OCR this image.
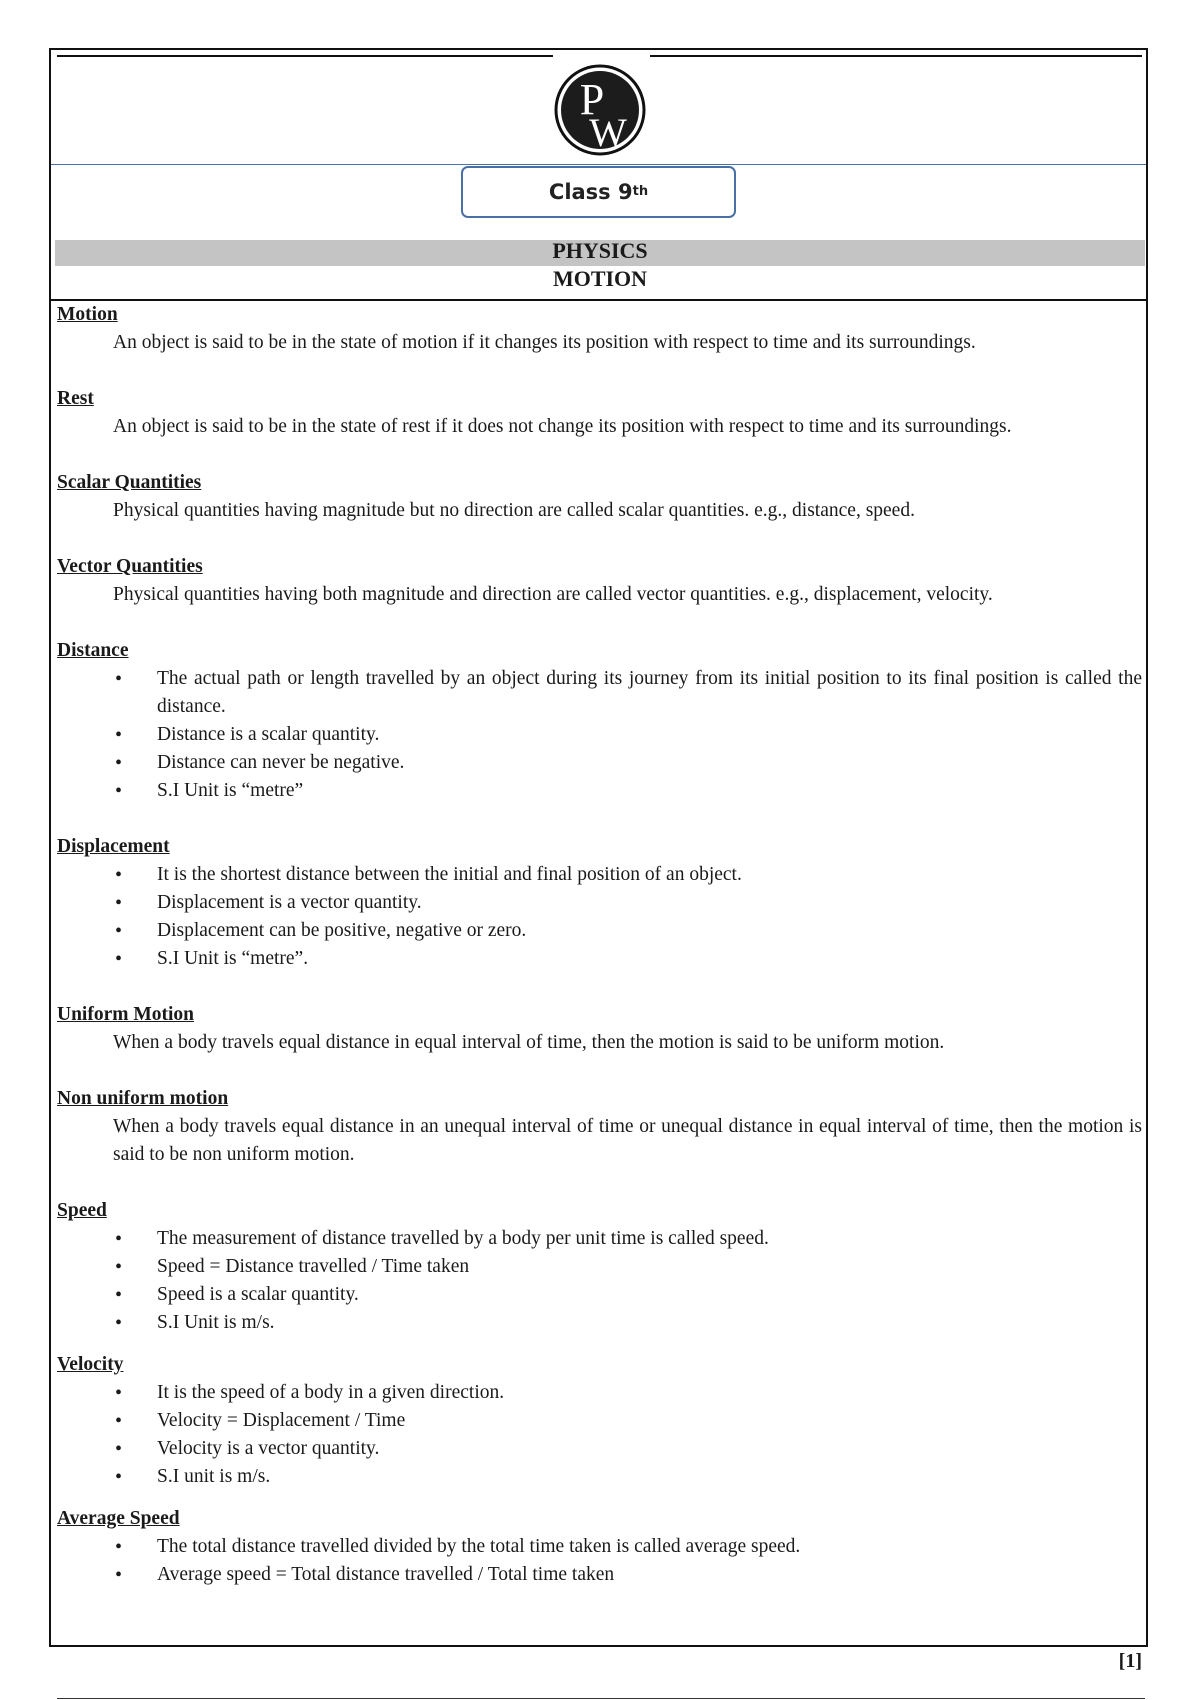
P
W
Class 9 th
PHYSICS
MOTION
Motion
An object is said to be in the state of motion if it changes its position with respect to time and its surroundings.
Rest
An object is said to be in the state of rest if it does not change its position with respect to time and its surroundings.
Scalar Quantities
Physical quantities having magnitude but no direction are called scalar quantities. e.g., distance, speed.
Vector Quantities
Physical quantities having both magnitude and direction are called vector quantities. e.g., displacement, velocity.
Distance
• The actual path or length travelled by an object during its journey from its initial position to its final position is called the distance.
• Distance is a scalar quantity.
• Distance can never be negative.
• S.I Unit is “metre”
Displacement
• It is the shortest distance between the initial and final position of an object.
• Displacement is a vector quantity.
• Displacement can be positive, negative or zero.
• S.I Unit is “metre”.
Uniform Motion
When a body travels equal distance in equal interval of time, then the motion is said to be uniform motion.
Non uniform motion
When a body travels equal distance in an unequal interval of time or unequal distance in equal interval of time, then the motion is said to be non uniform motion.
Speed
• The measurement of distance travelled by a body per unit time is called speed.
• Speed = Distance travelled / Time taken
• Speed is a scalar quantity.
• S.I Unit is m/s.
Velocity
• It is the speed of a body in a given direction.
• Velocity = Displacement / Time
• Velocity is a vector quantity.
• S.I unit is m/s.
Average Speed
• The total distance travelled divided by the total time taken is called average speed.
• Average speed = Total distance travelled / Total time taken
[1]
